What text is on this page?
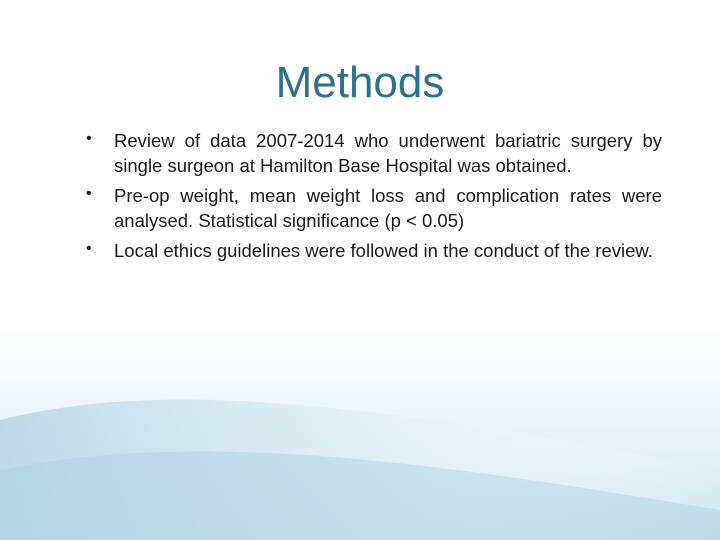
Methods
• Review of data 2007-2014 who underwent bariatric surgery by single surgeon at Hamilton Base Hospital was obtained.
• Pre-op weight, mean weight loss and complication rates were analysed. Statistical significance (p < 0.05)
• Local ethics guidelines were followed in the conduct of the review.
